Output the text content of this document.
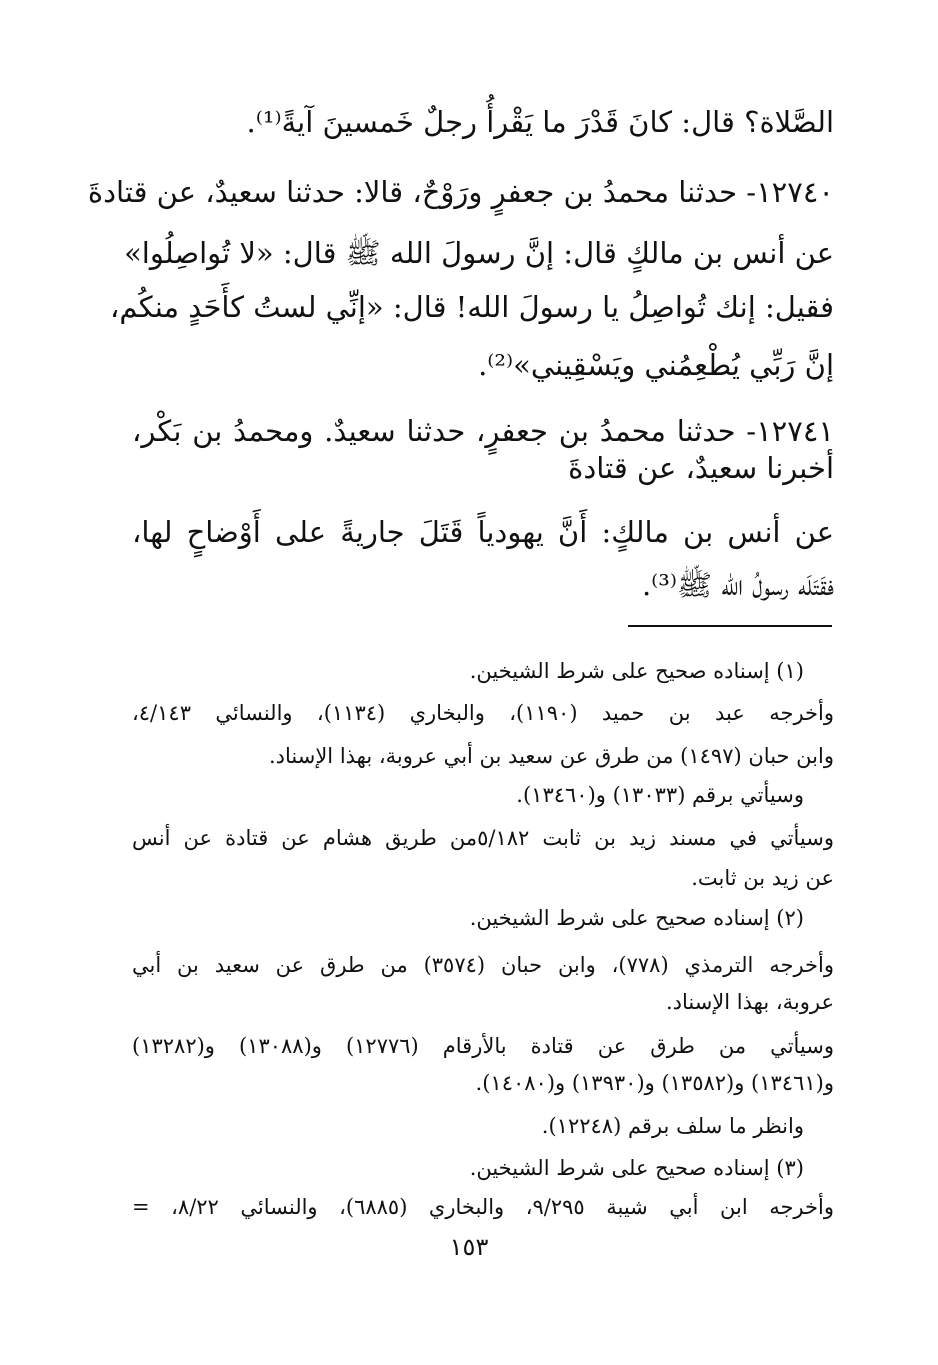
الصَّلاة؟ قال: كانَ قَدْرَ ما يَقْرأُ رجلٌ خَمسينَ آيةً⁽¹⁾.

١٢٧٤٠- حدثنا محمدُ بن جعفرٍ ورَوْحٌ، قالا: حدثنا سعيدٌ، عن قتادةَ

عن أنس بن مالكٍ قال: إنَّ رسولَ الله ﷺ قال: «لا تُواصِلُوا»

فقيل: إنك تُواصِلُ يا رسولَ الله! قال: «إنِّي لستُ كأَحَدٍ منكُم،

إنَّ رَبِّي يُطْعِمُني ويَسْقِيني»⁽²⁾.

١٢٧٤١- حدثنا محمدُ بن جعفرٍ، حدثنا سعيدٌ. ومحمدُ بن بَكْر،

أخبرنا سعيدٌ، عن قتادةَ

عن أنس بن مالكٍ: أَنَّ يهودياً قَتَلَ جاريةً على أَوْضاحٍ لها،

فقَتَلَه رسولُ الله ﷺ⁽³⁾.

(١) إسناده صحيح على شرط الشيخين.

وأخرجه عبد بن حميد (١١٩٠)، والبخاري (١١٣٤)، والنسائي ٤/١٤٣،

وابن حبان (١٤٩٧) من طرق عن سعيد بن أبي عروبة، بهذا الإسناد.

وسيأتي برقم (١٣٠٣٣) و(١٣٤٦٠).

وسيأتي في مسند زيد بن ثابت ٥/١٨٢من طريق هشام عن قتادة عن أنس

عن زيد بن ثابت.

(٢) إسناده صحيح على شرط الشيخين.

وأخرجه الترمذي (٧٧٨)، وابن حبان (٣٥٧٤) من طرق عن سعيد بن أبي

عروبة، بهذا الإسناد.

وسيأتي من طرق عن قتادة بالأرقام (١٢٧٧٦) و(١٣٠٨٨) و(١٣٢٨٢)

و(١٣٤٦١) و(١٣٥٨٢) و(١٣٩٣٠) و(١٤٠٨٠).

وانظر ما سلف برقم (١٢٢٤٨).

(٣) إسناده صحيح على شرط الشيخين.

وأخرجه ابن أبي شيبة ٩/٢٩٥، والبخاري (٦٨٨٥)، والنسائي ٨/٢٢، =

١٥٣
